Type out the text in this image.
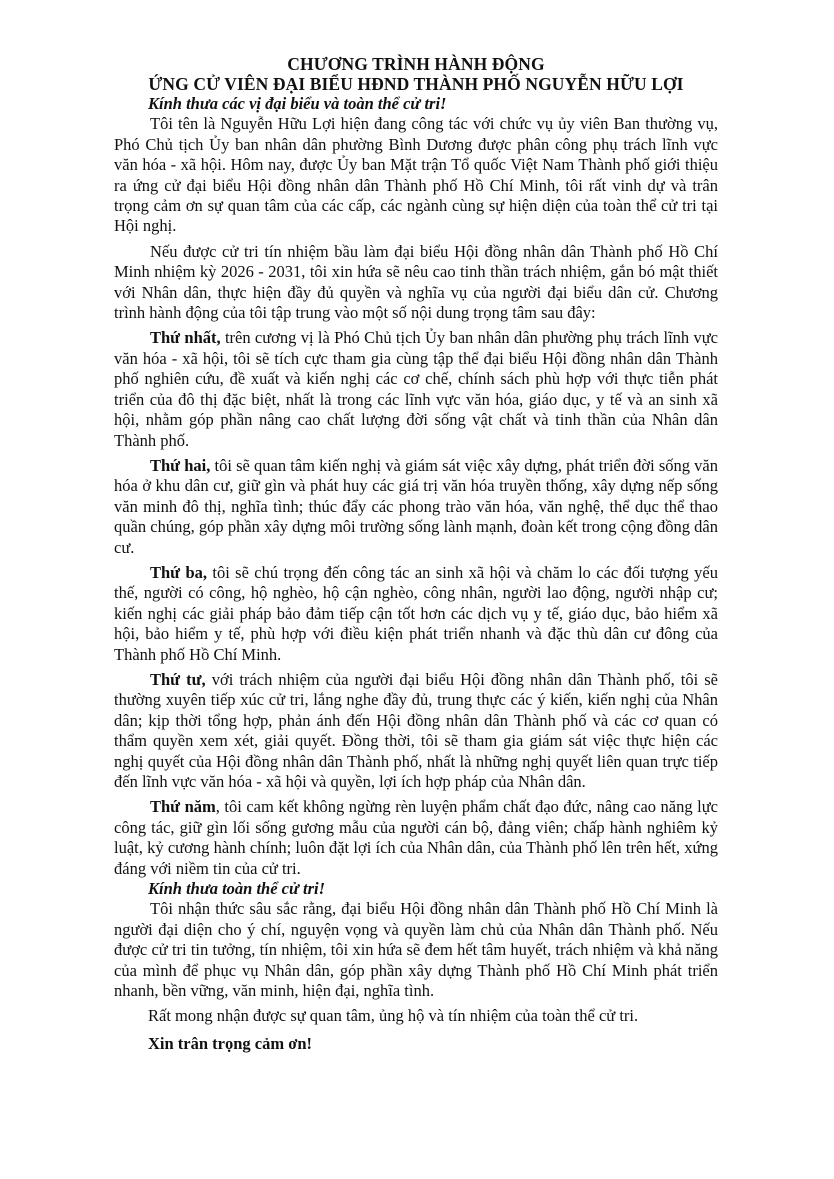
CHƯƠNG TRÌNH HÀNH ĐỘNG
ỨNG CỬ VIÊN ĐẠI BIỂU HĐND THÀNH PHỐ NGUYỄN HỮU LỢI

Kính thưa các vị đại biểu và toàn thể cử tri!

Tôi tên là Nguyễn Hữu Lợi hiện đang công tác với chức vụ ủy viên Ban thường vụ, Phó Chủ tịch Ủy ban nhân dân phường Bình Dương được phân công phụ trách lĩnh vực văn hóa - xã hội. Hôm nay, được Ủy ban Mặt trận Tổ quốc Việt Nam Thành phố giới thiệu ra ứng cử đại biểu Hội đồng nhân dân Thành phố Hồ Chí Minh, tôi rất vinh dự và trân trọng cảm ơn sự quan tâm của các cấp, các ngành cùng sự hiện diện của toàn thể cử tri tại Hội nghị.

Nếu được cử tri tín nhiệm bầu làm đại biểu Hội đồng nhân dân Thành phố Hồ Chí Minh nhiệm kỳ 2026 - 2031, tôi xin hứa sẽ nêu cao tinh thần trách nhiệm, gắn bó mật thiết với Nhân dân, thực hiện đầy đủ quyền và nghĩa vụ của người đại biểu dân cử. Chương trình hành động của tôi tập trung vào một số nội dung trọng tâm sau đây:

Thứ nhất, trên cương vị là Phó Chủ tịch Ủy ban nhân dân phường phụ trách lĩnh vực văn hóa - xã hội, tôi sẽ tích cực tham gia cùng tập thể đại biểu Hội đồng nhân dân Thành phố nghiên cứu, đề xuất và kiến nghị các cơ chế, chính sách phù hợp với thực tiễn phát triển của đô thị đặc biệt, nhất là trong các lĩnh vực văn hóa, giáo dục, y tế và an sinh xã hội, nhằm góp phần nâng cao chất lượng đời sống vật chất và tinh thần của Nhân dân Thành phố.

Thứ hai, tôi sẽ quan tâm kiến nghị và giám sát việc xây dựng, phát triển đời sống văn hóa ở khu dân cư, giữ gìn và phát huy các giá trị văn hóa truyền thống, xây dựng nếp sống văn minh đô thị, nghĩa tình; thúc đẩy các phong trào văn hóa, văn nghệ, thể dục thể thao quần chúng, góp phần xây dựng môi trường sống lành mạnh, đoàn kết trong cộng đồng dân cư.

Thứ ba, tôi sẽ chú trọng đến công tác an sinh xã hội và chăm lo các đối tượng yếu thế, người có công, hộ nghèo, hộ cận nghèo, công nhân, người lao động, người nhập cư; kiến nghị các giải pháp bảo đảm tiếp cận tốt hơn các dịch vụ y tế, giáo dục, bảo hiểm xã hội, bảo hiểm y tế, phù hợp với điều kiện phát triển nhanh và đặc thù dân cư đông của Thành phố Hồ Chí Minh.

Thứ tư, với trách nhiệm của người đại biểu Hội đồng nhân dân Thành phố, tôi sẽ thường xuyên tiếp xúc cử tri, lắng nghe đầy đủ, trung thực các ý kiến, kiến nghị của Nhân dân; kịp thời tổng hợp, phản ánh đến Hội đồng nhân dân Thành phố và các cơ quan có thẩm quyền xem xét, giải quyết. Đồng thời, tôi sẽ tham gia giám sát việc thực hiện các nghị quyết của Hội đồng nhân dân Thành phố, nhất là những nghị quyết liên quan trực tiếp đến lĩnh vực văn hóa - xã hội và quyền, lợi ích hợp pháp của Nhân dân.

Thứ năm, tôi cam kết không ngừng rèn luyện phẩm chất đạo đức, nâng cao năng lực công tác, giữ gìn lối sống gương mẫu của người cán bộ, đảng viên; chấp hành nghiêm kỷ luật, kỷ cương hành chính; luôn đặt lợi ích của Nhân dân, của Thành phố lên trên hết, xứng đáng với niềm tin của cử tri.

Kính thưa toàn thể cử tri!

Tôi nhận thức sâu sắc rằng, đại biểu Hội đồng nhân dân Thành phố Hồ Chí Minh là người đại diện cho ý chí, nguyện vọng và quyền làm chủ của Nhân dân Thành phố. Nếu được cử tri tin tưởng, tín nhiệm, tôi xin hứa sẽ đem hết tâm huyết, trách nhiệm và khả năng của mình để phục vụ Nhân dân, góp phần xây dựng Thành phố Hồ Chí Minh phát triển nhanh, bền vững, văn minh, hiện đại, nghĩa tình.

Rất mong nhận được sự quan tâm, ủng hộ và tín nhiệm của toàn thể cử tri.

Xin trân trọng cảm ơn!
